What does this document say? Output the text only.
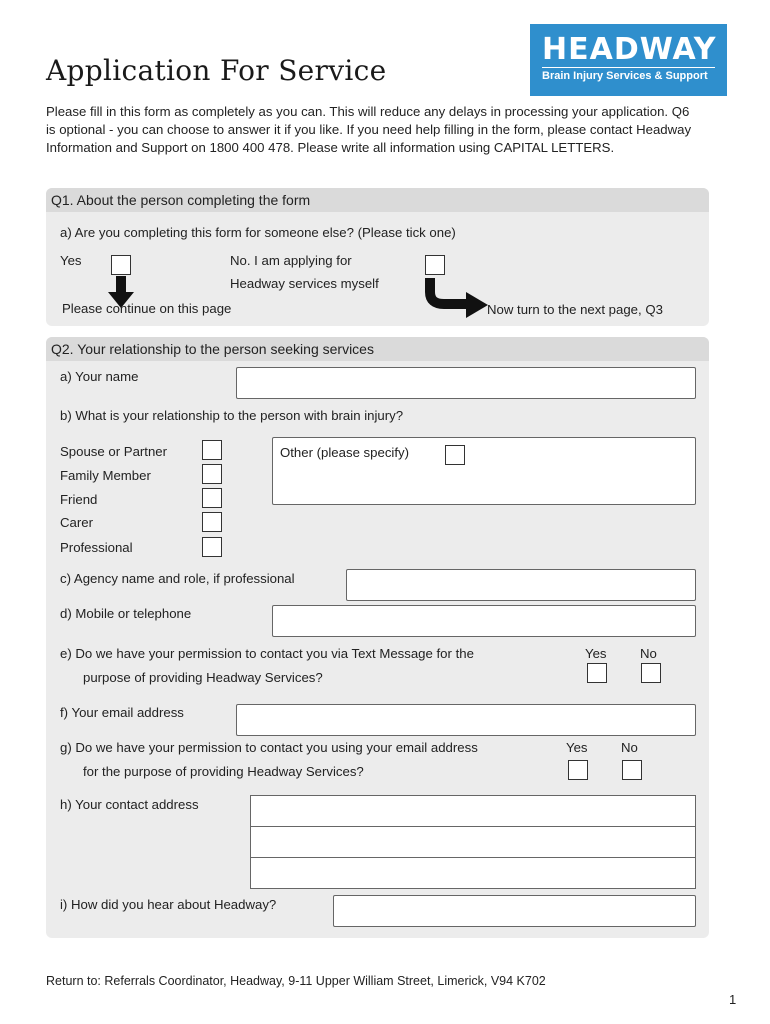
Application For Service
HEADWAY
Brain Injury Services & Support
Please fill in this form as completely as you can. This will reduce any delays in processing your application. Q6 is optional - you can choose to answer it if you like. If you need help filling in the form, please contact Headway Information and Support on 1800 400 478. Please write all information using CAPITAL LETTERS.
Q1. About the person completing the form
a) Are you completing this form for someone else? (Please tick one)
Yes
Please continue on this page
No. I am applying for
Headway services myself
Now turn to the next page, Q3
Q2. Your relationship to the person seeking services
a) Your name
b) What is your relationship to the person with brain injury?
Spouse or Partner
Family Member
Friend
Carer
Professional
Other (please specify)
c) Agency name and role, if professional
d) Mobile or telephone
e) Do we have your permission to contact you via Text Message for the
purpose of providing Headway Services?
Yes	No
f) Your email address
g) Do we have your permission to contact you using your email address
for the purpose of providing Headway Services?
Yes	No
h) Your contact address
i) How did you hear about Headway?
Return to: Referrals Coordinator, Headway, 9-11 Upper William Street, Limerick, V94 K702
1
